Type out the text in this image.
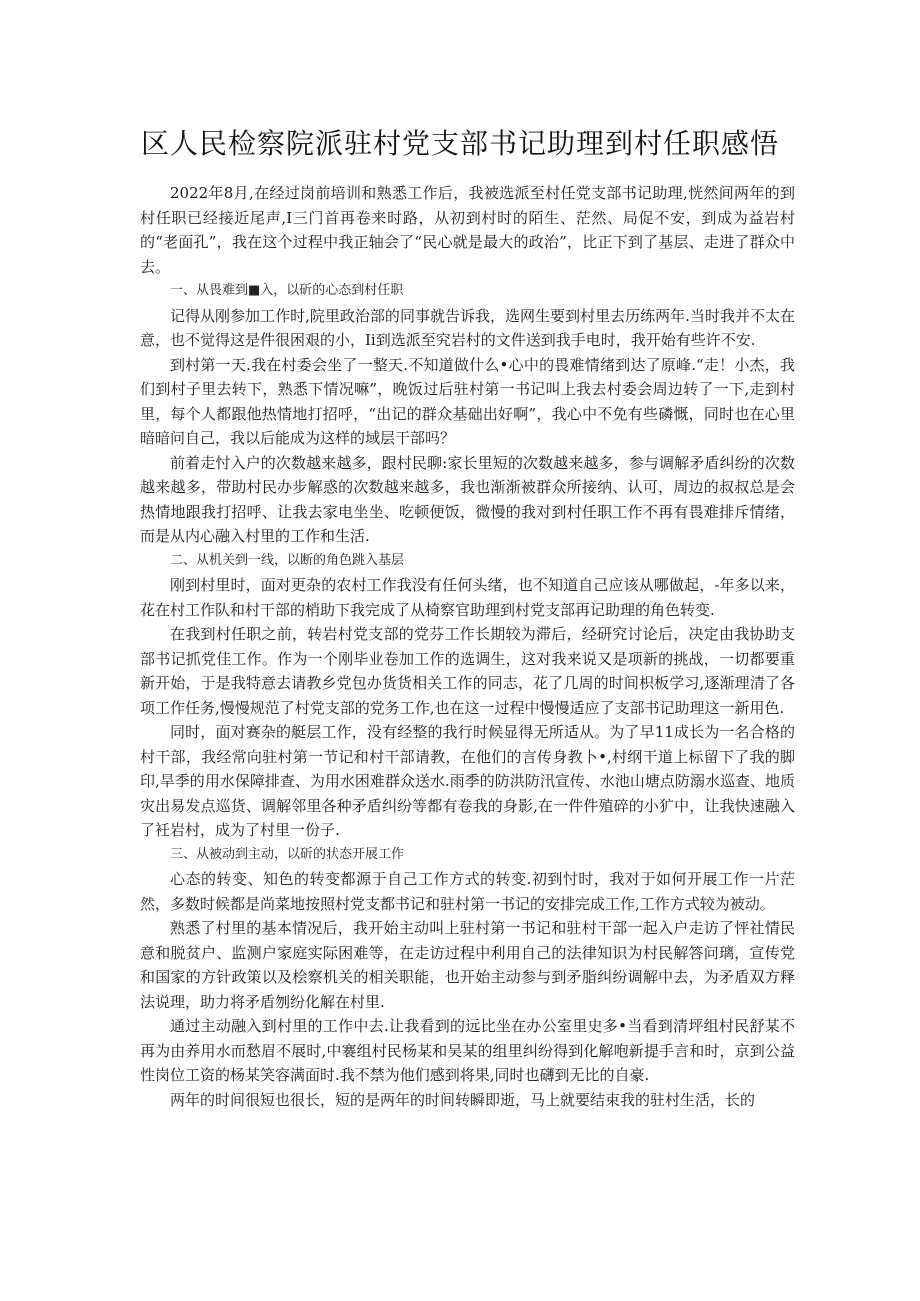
区人民检察院派驻村党支部书记助理到村任职感悟

2022年8月,在经过岗前培训和熟悉工作后，我被选派至村任党支部书记助理,恍然间两年的到村任职已经接近尾声,I三门首再卷来时路，从初到村时的陌生、茫然、局促不安，到成为益岩村的“老面孔”，我在这个过程中我正轴会了“民心就是最大的政治”，比正下到了基层、走进了群众中去。

一、从畏难到■入，以斫的心态到村任职

记得从刚参加工作时,院里政治部的同事就告诉我，选网生要到村里去历练两年.当时我并不太在意，也不觉得这是件很困艰的小，Ii到选派至究岩村的文件送到我手电时，我开始有些许不安.

到村第一天.我在村委会坐了一整天.不知道做什么•心中的畏难情绪到达了原峰.“走！小杰，我们到村子里去转下，熟悉下情况嘛”，晚饭过后驻村第一书记叫上我去村委会周边转了一下,走到村里，每个人都跟他热情地打招呼，“出记的群众基础出好啊”，我心中不免有些磷慨，同时也在心里暗暗问自己，我以后能成为这样的域层干部吗？

前着走忖入户的次数越来越多，跟村民聊:家长里短的次数越来越多，参与调解矛盾纠纷的次数越来越多，带助村民办步解惑的次数越来越多，我也渐渐被群众所接纳、认可，周边的叔叔总是会热情地跟我打招呼、让我去家电坐坐、吃顿便饭，微慢的我对到村任职工作不再有畏难排斥情绪，而是从内心融入村里的工作和生活.

二、从机关到一线，以断的角色跳入基层

刚到村里时，面对更杂的农村工作我没有任何头绪，也不知道自己应该从哪做起，-年多以来，花在村工作队和村干部的梢助下我完成了从椅察官助理到村党支部再记助理的角色转变.

在我到村任职之前，转岩村党支部的党芬工作长期较为滞后，经研究讨论后，决定由我协助支部书记抓党佳工作。作为一个刚毕业卷加工作的选调生，这对我来说又是项新的挑战，一切都要重新开始，于是我特意去请教乡党包办货货相关工作的同志，花了几周的时间枳板学习,逐渐理清了各项工作任务,慢慢规范了村党支部的党务工作,也在这一过程中慢慢适应了支部书记助理这一新用色.

同时，面对赛杂的艇层工作，没有经整的我行时候显得无所适从。为了早11成长为一名合格的村干部，我经常向驻村第一节记和村干部请教，在他们的言传身教卜•,村纲干道上标留下了我的脚印,旱季的用水保障排查、为用水困难群众送水.雨季的防洪防汛宣传、水池山塘点防溺水巡查、地质灾出易发点巡货、调解邻里各种矛盾纠纷等都有卷我的身影,在一件件殖碎的小犷中，让我快速融入了衽岩村，成为了村里一份子.

三、从被动到主动，以斫的状态开展工作

心态的转变、知色的转变都源于自己工作方式的转变.初到忖时，我对于如何开展工作一片茫然，多数时候都是尚菜地按照村党支都书记和驻村第一书记的安排完成工作,工作方式较为被动。

熟悉了村里的基本情况后，我开始主动叫上驻村第一书记和驻村干部一起入户走访了怦社情民意和脱贫户、监测户家庭实际困难等，在走访过程中利用自己的法律知识为村民解答问璃，宣传党和国家的方针政策以及桧察机关的相关职能，也开始主动参与到矛脂纠纷调解中去，为矛盾双方释法说理，助力将矛盾刎纷化解在村里.

通过主动融入到村里的工作中去.让我看到的远比坐在办公室里史多•当看到清坪组村民舒某不再为由养用水而愁眉不展时,中褰组村民杨某和吴某的组里纠纷得到化解咆新提手言和时，京到公益性岗位工资的杨某笑容满面时.我不禁为他们感到将果,同时也礴到无比的自豪.

两年的时间很短也很长，短的是两年的时间转瞬即逝，马上就要结束我的驻村生活，长的
